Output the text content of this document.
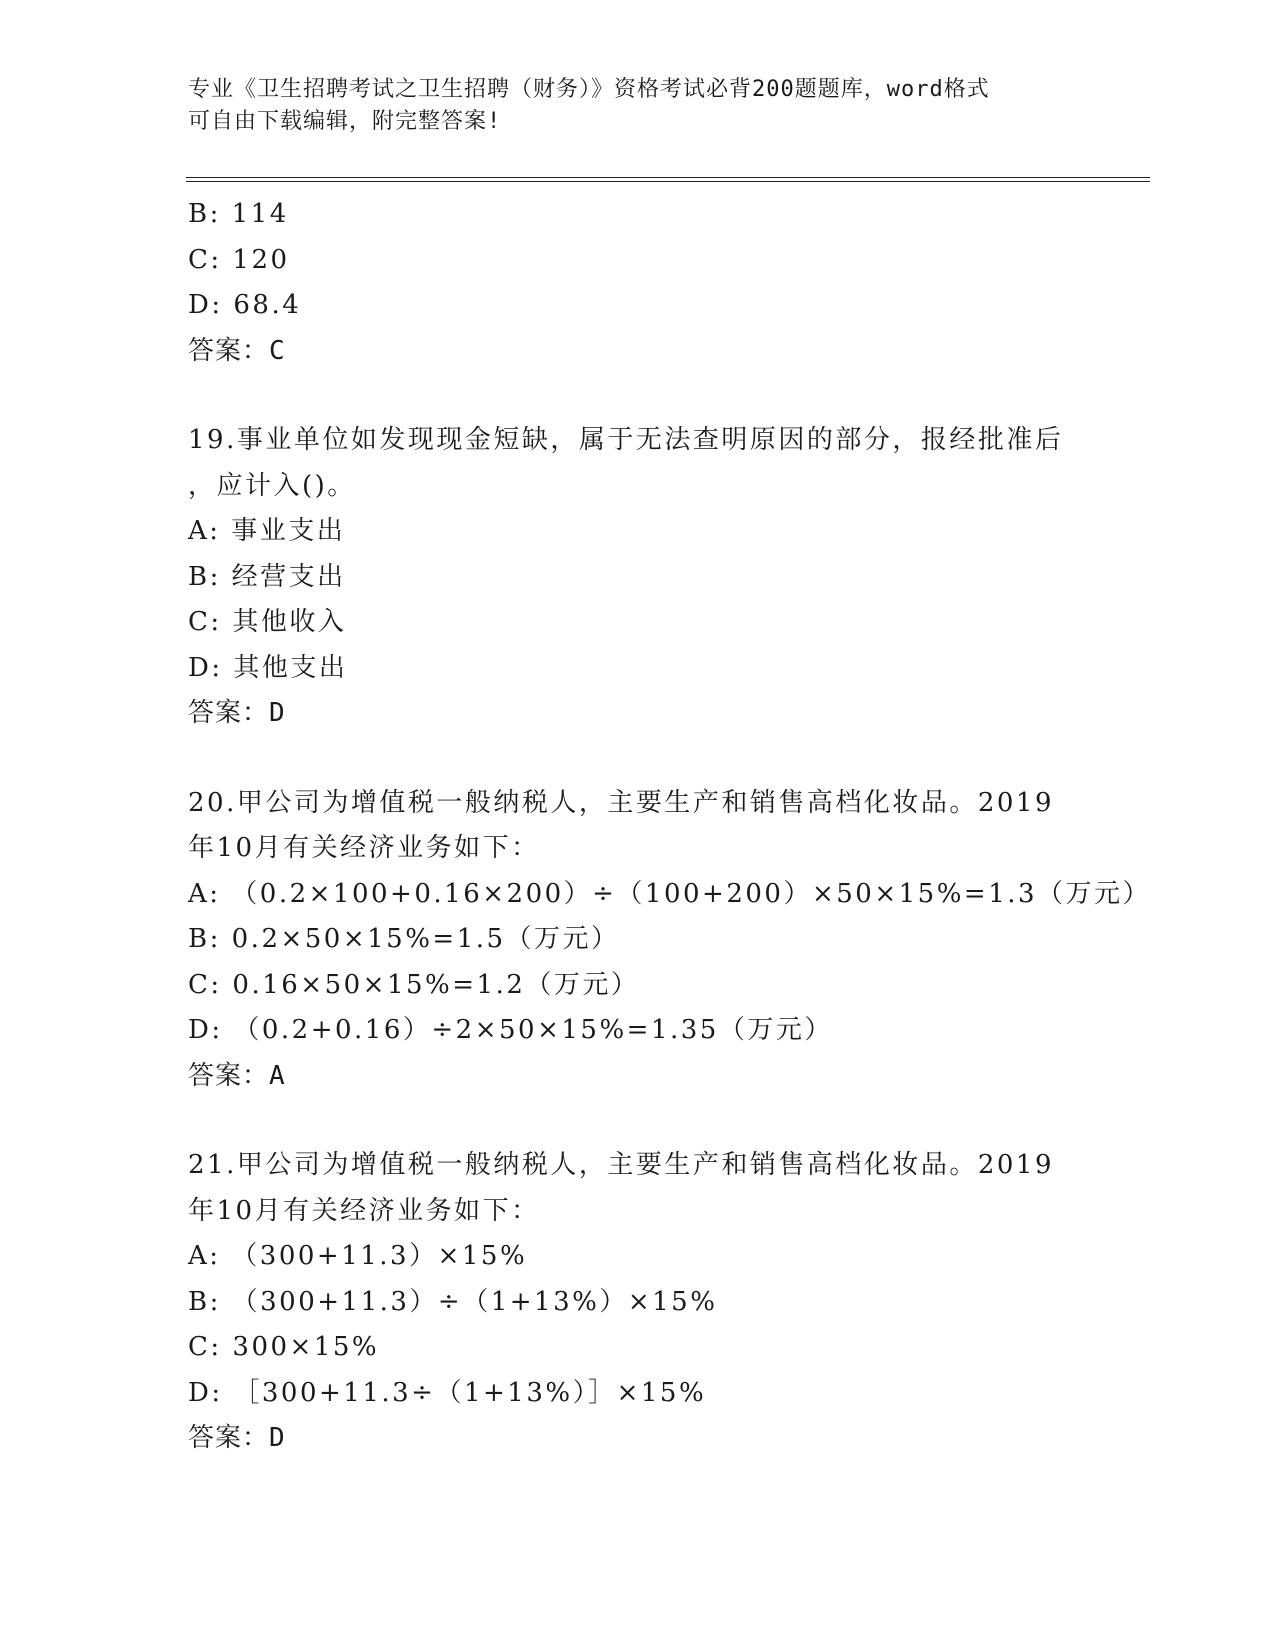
专业《卫生招聘考试之卫生招聘（财务）》资格考试必背200题题库，word格式
可自由下载编辑，附完整答案!
B: 114
C: 120
D: 68.4
答案：C
19.事业单位如发现现金短缺，属于无法查明原因的部分，报经批准后
，应计入()。
A: 事业支出
B: 经营支出
C: 其他收入
D: 其他支出
答案：D
20.甲公司为增值税一般纳税人，主要生产和销售高档化妆品。2019
年10月有关经济业务如下：
A: （0.2×100+0.16×200）÷（100+200）×50×15%=1.3（万元）
B: 0.2×50×15%=1.5（万元）
C: 0.16×50×15%=1.2（万元）
D: （0.2+0.16）÷2×50×15%=1.35（万元）
答案：A
21.甲公司为增值税一般纳税人，主要生产和销售高档化妆品。2019
年10月有关经济业务如下：
A: （300+11.3）×15%
B: （300+11.3）÷（1+13%）×15%
C: 300×15%
D: ［300+11.3÷（1+13%）］×15%
答案：D
